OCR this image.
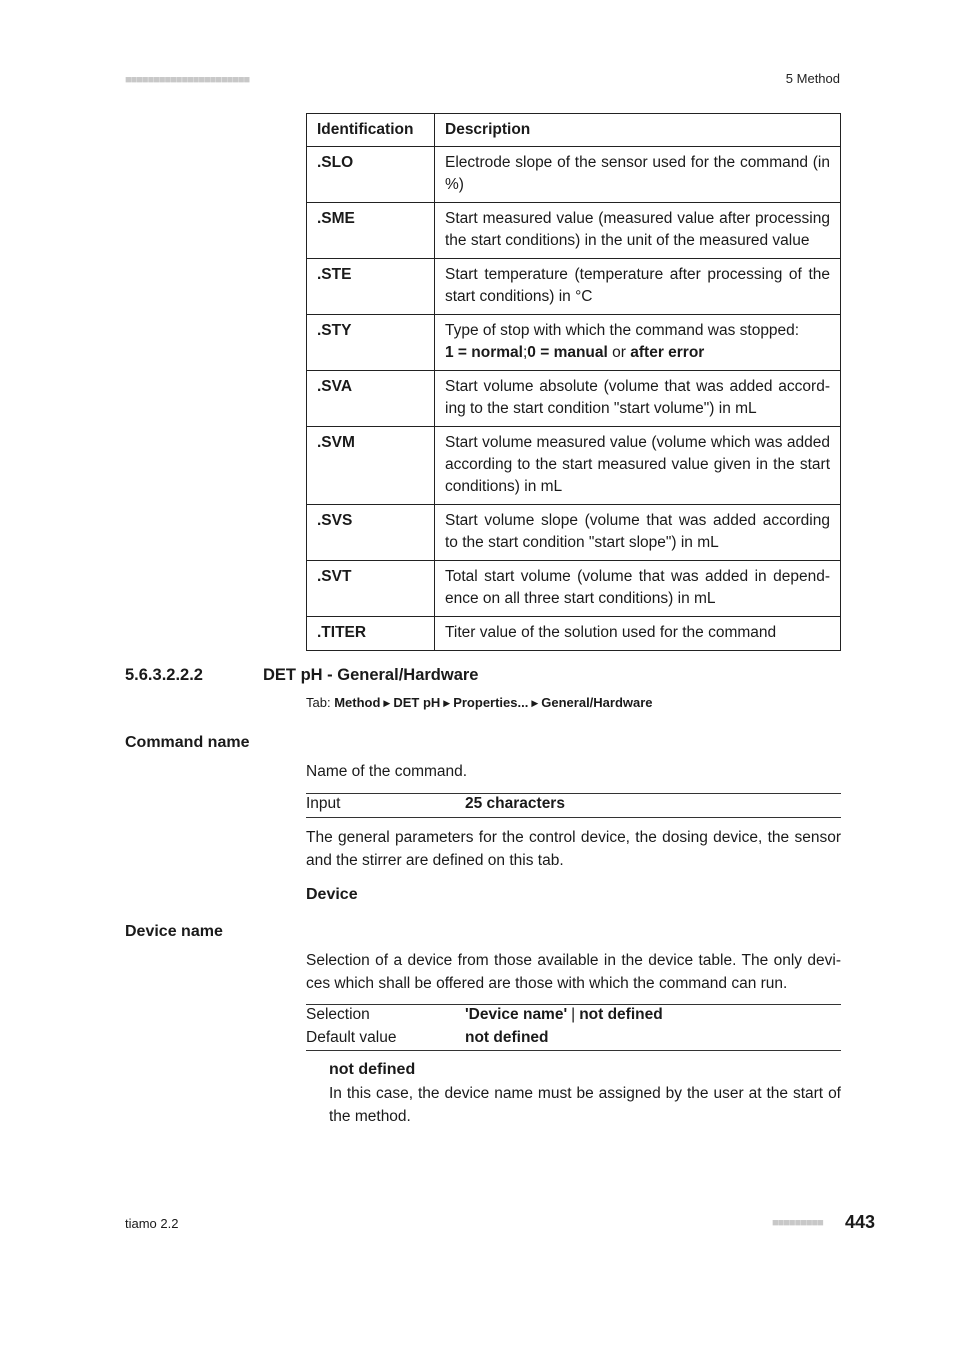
■■■■■■■■■■■■■■■■■■■■■■	5 Method
Identification	Description
.SLO	Electrode slope of the sensor used for the command (in %)
.SME	Start measured value (measured value after processing the start conditions) in the unit of the measured value
.STE	Start temperature (temperature after processing of the start conditions) in °C
.STY	Type of stop with which the command was stopped:
1 = normal;0 = manual or after error
.SVA	Start volume absolute (volume that was added accord-ing to the start condition "start volume") in mL
.SVM	Start volume measured value (volume which was added according to the start measured value given in the start conditions) in mL
.SVS	Start volume slope (volume that was added according to the start condition "start slope") in mL
.SVT	Total start volume (volume that was added in depend-ence on all three start conditions) in mL
.TITER	Titer value of the solution used for the command
5.6.3.2.2.2	DET pH - General/Hardware
Tab: Method ▶ DET pH ▶ Properties... ▶ General/Hardware
Command name
Name of the command.
Input	25 characters
The general parameters for the control device, the dosing device, the sensor and the stirrer are defined on this tab.
Device
Device name
Selection of a device from those available in the device table. The only devi-ces which shall be offered are those with which the command can run.
Selection	'Device name' | not defined
Default value	not defined
not defined
In this case, the device name must be assigned by the user at the start of the method.
tiamo 2.2	■■■■■■■■■ 443
